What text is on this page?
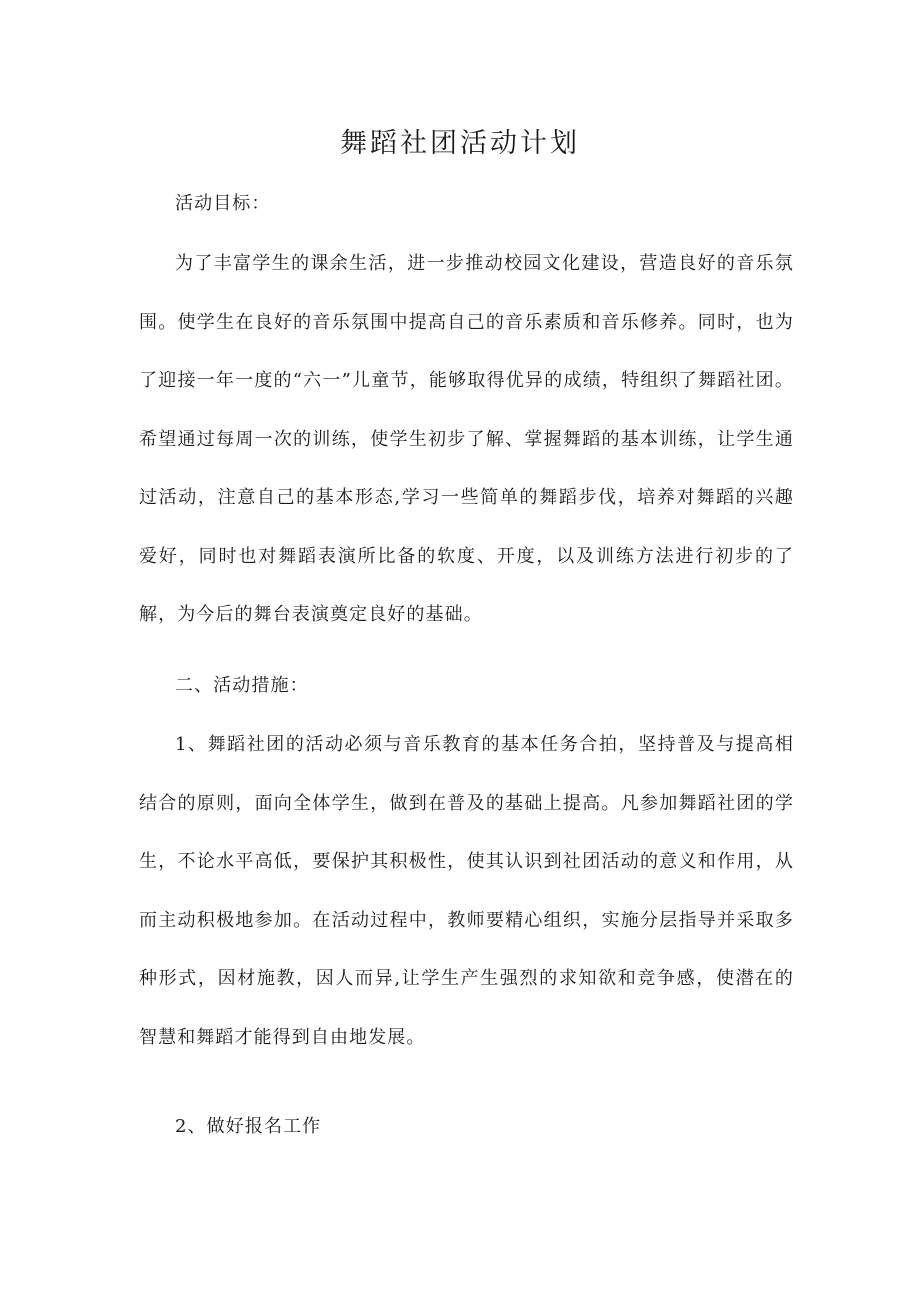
舞蹈社团活动计划

活动目标：

为了丰富学生的课余生活，进一步推动校园文化建设，营造良好的音乐氛围。使学生在良好的音乐氛围中提高自己的音乐素质和音乐修养。同时，也为了迎接一年一度的“六一”儿童节，能够取得优异的成绩，特组织了舞蹈社团。希望通过每周一次的训练，使学生初步了解、掌握舞蹈的基本训练，让学生通过活动，注意自己的基本形态,学习一些简单的舞蹈步伐，培养对舞蹈的兴趣爱好，同时也对舞蹈表演所比备的软度、开度，以及训练方法进行初步的了解，为今后的舞台表演奠定良好的基础。

二、活动措施：

1、舞蹈社团的活动必须与音乐教育的基本任务合拍，坚持普及与提高相结合的原则，面向全体学生，做到在普及的基础上提高。凡参加舞蹈社团的学生，不论水平高低，要保护其积极性，使其认识到社团活动的意义和作用，从而主动积极地参加。在活动过程中，教师要精心组织，实施分层指导并采取多种形式，因材施教，因人而异,让学生产生强烈的求知欲和竞争感，使潜在的智慧和舞蹈才能得到自由地发展。

2、做好报名工作
